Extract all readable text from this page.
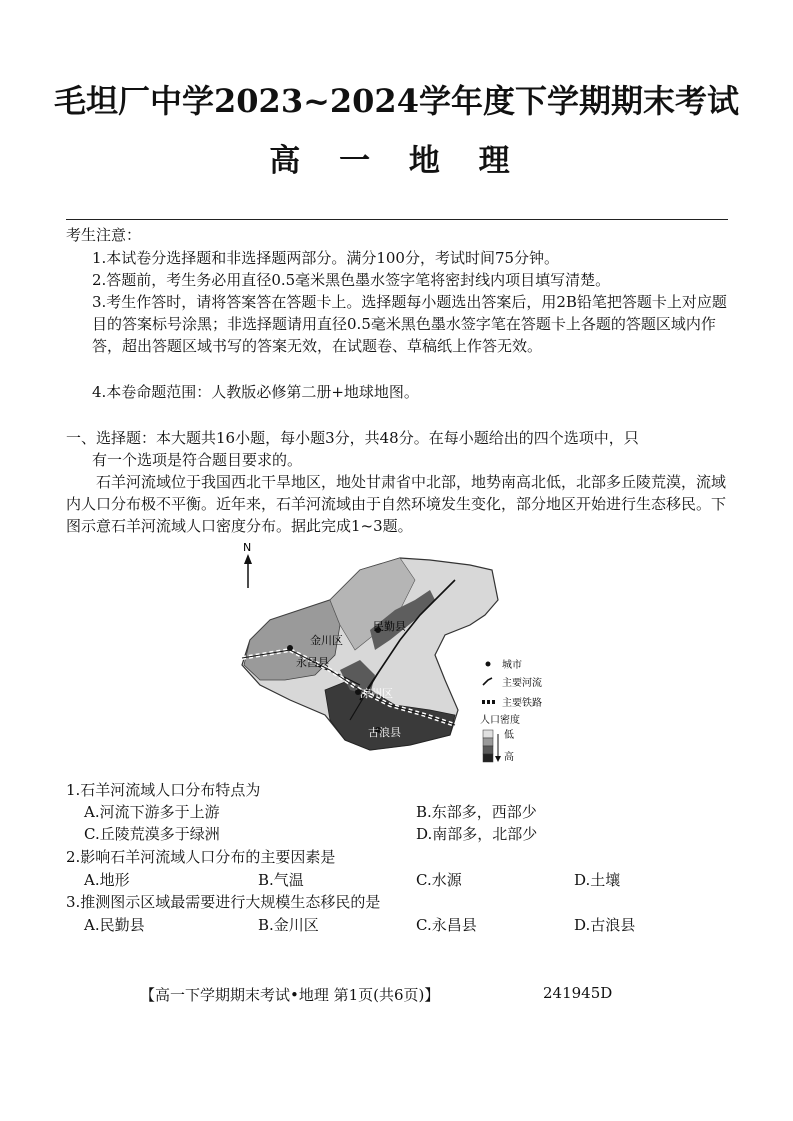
毛坦厂中学2023~2024学年度下学期期末考试
高 一 地 理
考生注意：
1.本试卷分选择题和非选择题两部分。满分100分，考试时间75分钟。
2.答题前，考生务必用直径0.5毫米黑色墨水签字笔将密封线内项目填写清楚。
3.考生作答时，请将答案答在答题卡上。选择题每小题选出答案后，用2B铅笔把答题卡上对应题目的答案标号涂黑；非选择题请用直径0.5毫米黑色墨水签字笔在答题卡上各题的答题区域内作答，超出答题区域书写的答案无效，在试题卷、草稿纸上作答无效。
4.本卷命题范围：人教版必修第二册+地球地图。
一、选择题：本大题共16小题，每小题3分，共48分。在每小题给出的四个选项中，只
有一个选项是符合题目要求的。
石羊河流域位于我国西北干旱地区，地处甘肃省中北部，地势南高北低，北部多丘陵荒漠，流域内人口分布极不平衡。近年来，石羊河流域由于自然环境发生变化，部分地区开始进行生态移民。下图示意石羊河流域人口密度分布。据此完成1~3题。
N
金川区
民勤县
永昌县
凉州区
古浪县
城市
主要河流
主要铁路
人口密度
低
高
1.石羊河流域人口分布特点为
A.河流下游多于上游	B.东部多，西部少
C.丘陵荒漠多于绿洲	D.南部多，北部少
2.影响石羊河流域人口分布的主要因素是
A.地形	B.气温	C.水源	D.土壤
3.推测图示区域最需要进行大规模生态移民的是
A.民勤县	B.金川区	C.永昌县	D.古浪县
【高一下学期期末考试•地理 第1页(共6页)】	241945D
